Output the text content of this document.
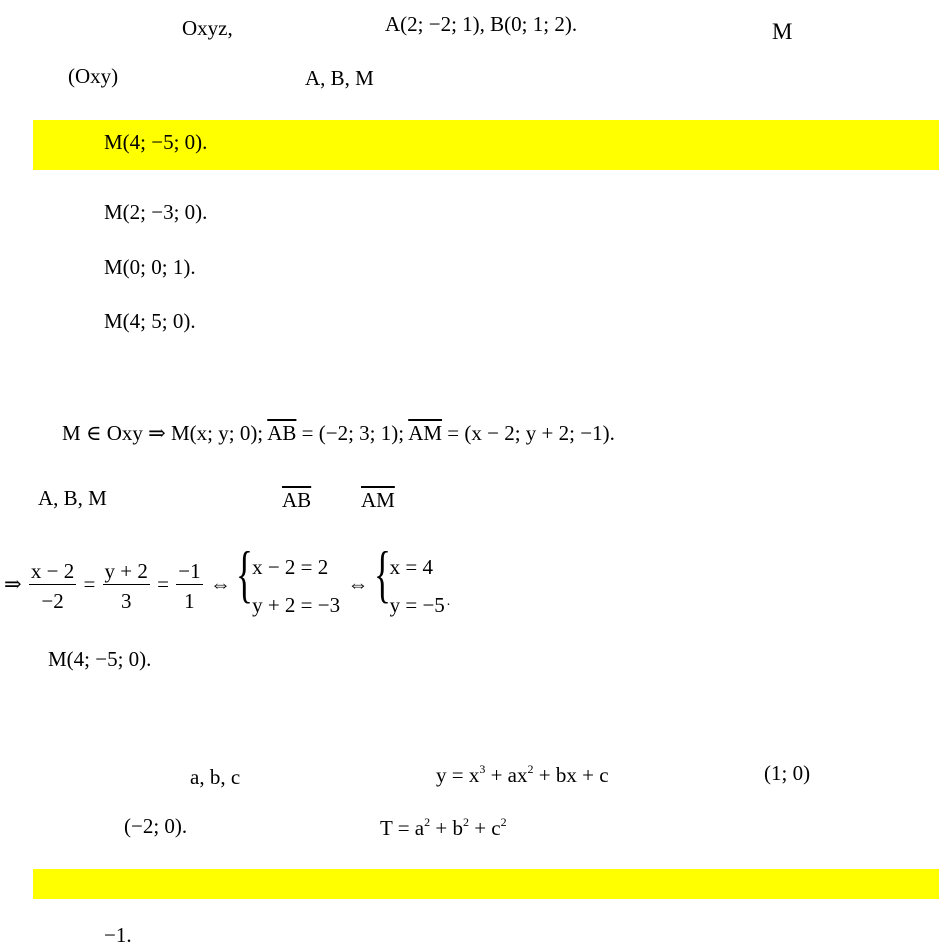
Oxyz,	A(2; −2; 1), B(0; 1; 2).	M
(Oxy)	A, B, M
M(4; −5; 0).
M(2; −3; 0).
M(0; 0; 1).
M(4; 5; 0).
M ∈ Oxy ⇒ M(x; y; 0); $\overline{AB} = (-2$; 3; 1); $\overline{AM} = (x - 2$; y + 2; −1).
A, B, M	$\overline{AB}$ $\overline{AM}$
⇒ $\frac{x - 2}{-2} = \frac{y + 2}{3} = \frac{-1}{1}$ ⇔ { x − 2 = 2
y + 2 = −3
⇔ { x = 4
y = −5 $_.$
M(4; −5; 0).
a, b, c	$y = x^3 + ax^2$ + bx + c	(1; 0)
(−2; 0).	$T = a^2 + b^2 + c^2$
−1.
